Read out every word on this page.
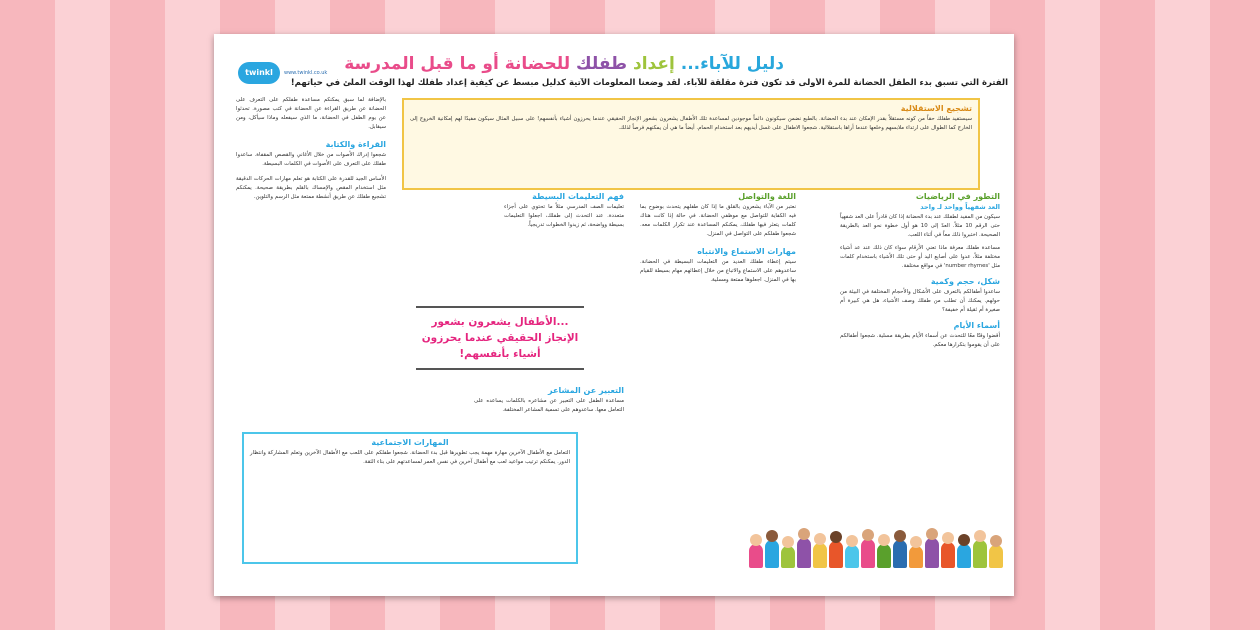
twinkl	www.twinkl.co.uk	دليل للآباء... إعداد طفلك للحضانة أو ما قبل المدرسة
الفترة التي تسبق بدء الطفل الحضانة للمرة الأولى قد تكون فترة مقلقة للآباء. لقد وضعنا المعلومات الآتية كدليل مبسط عن كيفية إعداد طفلك لهذا الوقت الملئ في حياتهم!
تشجيع الاستقلالية
سيستفيد طفلك حقاً من كونه مستقلاً بقدر الإمكان عند بدء الحضانة. بالطبع نضمن سيكونون دائماً موجودين لمساعدة تلك الأطفال يشعرون بشعور الإنجاز الحقيقي عندما يحرزون أشياء بأنفسهم! على سبيل المثال سيكون مفيدًا لهم إمكانية الخروج إلى الخارج كما الطوال على ارتداء ملابسهم وخلعها عندما أراها باستقلالية. شجعوا الاطفال على غسل أيديهم بعد استخدام الحمام. أيضاً ما هي أن يمكنهم فرصاً لذلك.
التطور في الرياضيات
العد شفهياً وواحد لـ واحد
سيكون من المفيد لطفلك عند بدء الحضانة إذا كان قادراً على العد شفهياً حتى الرقم 10 مثلاً. العدّ إلى 10 هو أول خطوة نحو العد بالطريقة الصحيحة. اختبروا ذلك معاً في أثناء اللعب.
مساعدة طفلك معرفة ماذا تعني الأرقام سواء كان ذلك عند عد أشياء مختلفة مثلاً، عدوا على أصابع اليد أو حتى تلك الأشياء باستخدام كلمات مثل 'number rhymes' في مواقع مختلفة.
شكل، حجم وكمية
ساعدوا أطفالكم بالتعرف على الأشكال والأحجام المختلفة في البيئة من حولهم. يمكنك أن تطلب من طفلك وصف الأشياء، هل هي كبيرة أم صغيرة أم ثقيلة أم خفيفة؟
أسماء الأيام
أقضوا وقتًا معًا للتحدث عن أسماء الأيام بطريقة مسلية. شجعوا أطفالكم على أن يقوموا بتكرارها معكم.
اللغة والتواصل
نعتبر من الآباء يشعرون بالقلق ما إذا كان طفلهم يتحدث بوضوح بما فيه الكفاية للتواصل مع موظفي الحضانة. في حالة إذا كانت هناك كلمات يتعثر فيها طفلك، يمكنكم المساعدة عند تكرار الكلمات معه. شجعوا طفلكم على التواصل في المنزل.
مهارات الاستماع والانتباه
سيتم إعطاء طفلك العديد من التعليمات البسيطة في الحضانة. ساعدوهم على الاستماع والاتباع من خلال إعطائهم مهام بسيطة للقيام بها في المنزل. اجعلوها ممتعة ومسلية.
فهم التعليمات البسيطة
تعليمات الصف المدرسي مثلاً ما تحتوي على أجزاء متعددة. عند التحدث إلى طفلك، اجعلوا التعليمات بسيطة وواضحة، ثم زيدوا الخطوات تدريجياً.
التعبير عن المشاعر
مساعدة الطفل على التعبير عن مشاعره بالكلمات يساعده على التعامل معها. ساعدوهم على تسمية المشاعر المختلفة.
...الأطفال يشعرون بشعور الإنجاز الحقيقي عندما يحرزون أشياء بأنفسهم!
بالإضافة لما سبق يمكنكم مساعدة طفلكم على التعرف على الحضانة عن طريق القراءة عن الحضانة في كتب مصورة. تحدثوا عن يوم الطفل في الحضانة، ما الذي سيفعله وماذا سيأكل، ومن سيقابل.
القراءة والكتابة
شجعوا إدراك الأصوات من خلال الأغاني والقصص المقفاة. ساعدوا طفلك على التعرف على الأصوات في الكلمات البسيطة.
الأساس الجيد للقدرة على الكتابة هو تعلم مهارات الحركات الدقيقة مثل استخدام المقص والإمساك بالقلم بطريقة صحيحة. يمكنكم تشجيع طفلك عن طريق أنشطة ممتعة مثل الرسم والتلوين.
المهارات الاجتماعية
التعامل مع الأطفال الآخرين مهارة مهمة يجب تطويرها قبل بدء الحضانة. شجعوا طفلكم على اللعب مع الأطفال الآخرين وتعلم المشاركة وانتظار الدور. يمكنكم ترتيب مواعيد لعب مع أطفال آخرين في نفس العمر لمساعدتهم على بناء الثقة.
